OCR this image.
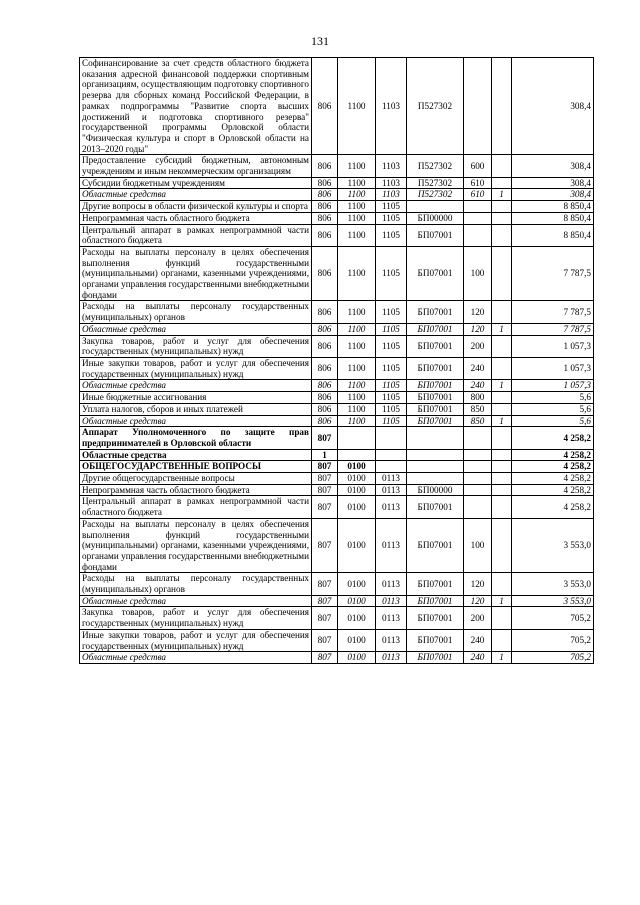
131
Софинансирование за счет средств областного бюджета оказания адресной финансовой поддержки спортивным организациям, осуществляющим подготовку спортивного резерва для сборных команд Российской Федерации, в рамках подпрограммы "Развитие спорта высших достижений и подготовка спортивного резерва" государственной программы Орловской области "Физическая культура и спорт в Орловской области на 2013–2020 годы"	806	1100	1103	П527302			308,4
Предоставление субсидий бюджетным, автономным учреждениям и иным некоммерческим организациям	806	1100	1103	П527302	600		308,4
Субсидии бюджетным учреждениям	806	1100	1103	П527302	610		308,4
Областные средства	806	1100	1103	П527302	610	1	308,4
Другие вопросы в области физической культуры и спорта	806	1100	1105				8 850,4
Непрограммная часть областного бюджета	806	1100	1105	БП00000			8 850,4
Центральный аппарат в рамках непрограммной части областного бюджета	806	1100	1105	БП07001			8 850,4
Расходы на выплаты персоналу в целях обеспечения выполнения функций государственными (муниципальными) органами, казенными учреждениями, органами управления государственными внебюджетными фондами	806	1100	1105	БП07001	100		7 787,5
Расходы на выплаты персоналу государственных (муниципальных) органов	806	1100	1105	БП07001	120		7 787,5
Областные средства	806	1100	1105	БП07001	120	1	7 787,5
Закупка товаров, работ и услуг для обеспечения государственных (муниципальных) нужд	806	1100	1105	БП07001	200		1 057,3
Иные закупки товаров, работ и услуг для обеспечения государственных (муниципальных) нужд	806	1100	1105	БП07001	240		1 057,3
Областные средства	806	1100	1105	БП07001	240	1	1 057,3
Иные бюджетные ассигнования	806	1100	1105	БП07001	800		5,6
Уплата налогов, сборов и иных платежей	806	1100	1105	БП07001	850		5,6
Областные средства	806	1100	1105	БП07001	850	1	5,6
Аппарат Уполномоченного по защите прав предпринимателей в Орловской области	807						4 258,2
Областные средства	1						4 258,2
ОБЩЕГОСУДАРСТВЕННЫЕ ВОПРОСЫ	807	0100					4 258,2
Другие общегосударственные вопросы	807	0100	0113				4 258,2
Непрограммная часть областного бюджета	807	0100	0113	БП00000			4 258,2
Центральный аппарат в рамках непрограммной части областного бюджета	807	0100	0113	БП07001			4 258,2
Расходы на выплаты персоналу в целях обеспечения выполнения функций государственными (муниципальными) органами, казенными учреждениями, органами управления государственными внебюджетными фондами	807	0100	0113	БП07001	100		3 553,0
Расходы на выплаты персоналу государственных (муниципальных) органов	807	0100	0113	БП07001	120		3 553,0
Областные средства	807	0100	0113	БП07001	120	1	3 553,0
Закупка товаров, работ и услуг для обеспечения государственных (муниципальных) нужд	807	0100	0113	БП07001	200		705,2
Иные закупки товаров, работ и услуг для обеспечения государственных (муниципальных) нужд	807	0100	0113	БП07001	240		705,2
Областные средства	807	0100	0113	БП07001	240	1	705,2
